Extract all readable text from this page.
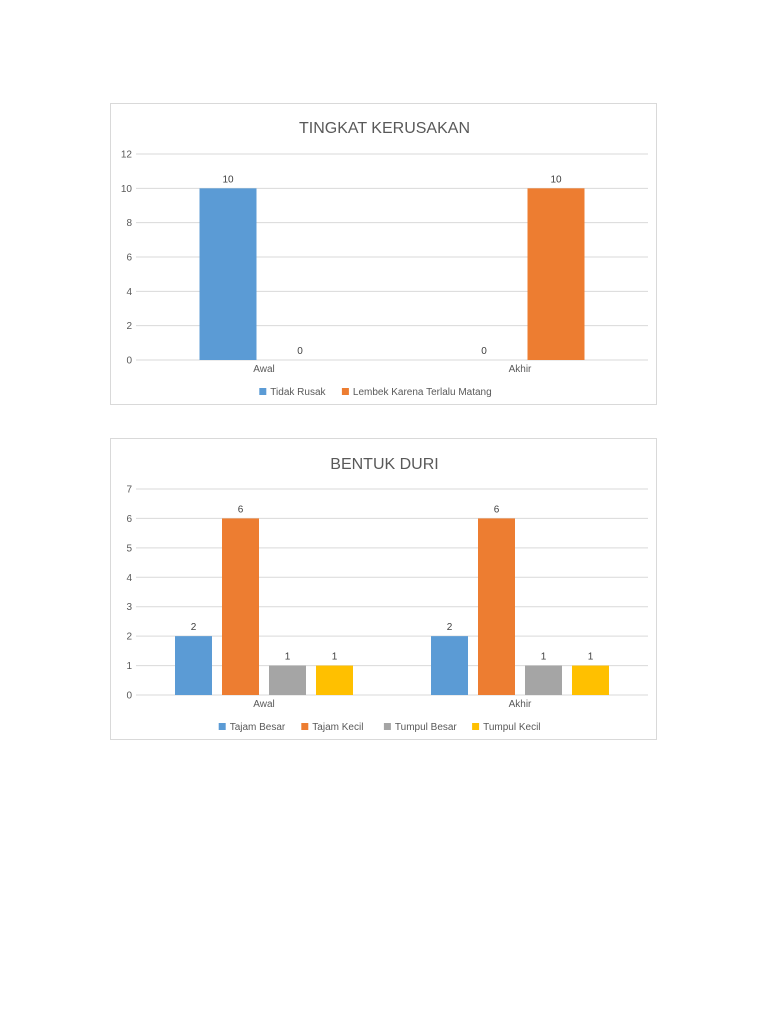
TINGKAT KERUSAKAN
0
2
4
6
8
10
12
10
0
Awal
0
10
Akhir
Tidak Rusak	Lembek Karena Terlalu Matang
BENTUK DURI
0
1
2
3
4
5
6
7
2
6
1	1
Awal
2
6
1	1
Akhir
Tajam Besar	Tajam Kecil	Tumpul Besar	Tumpul Kecil
